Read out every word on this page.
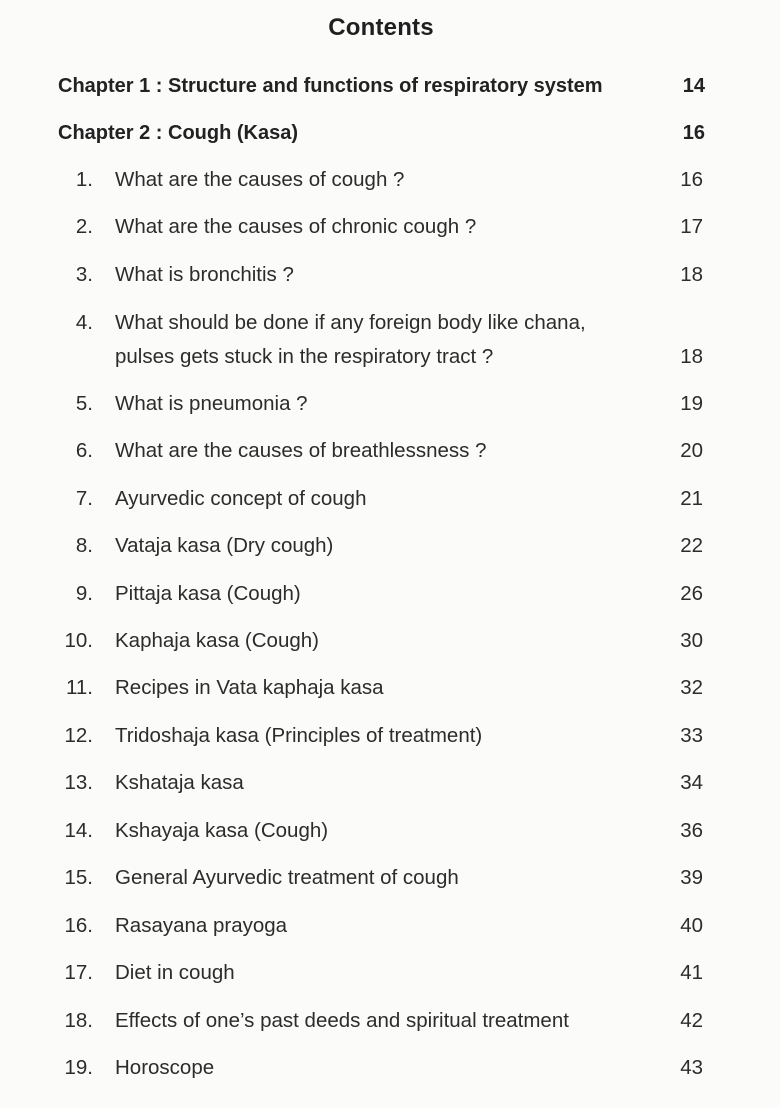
Contents
Chapter 1 : Structure and functions of respiratory system	14
Chapter 2 : Cough (Kasa)	16
1. What are the causes of cough ?	16
2. What are the causes of chronic cough ?	17
3. What is bronchitis ?	18
4. What should be done if any foreign body like chana,
pulses gets stuck in the respiratory tract ?	18
5. What is pneumonia ?	19
6. What are the causes of breathlessness ?	20
7. Ayurvedic concept of cough	21
8. Vataja kasa (Dry cough)	22
9. Pittaja kasa (Cough)	26
10. Kaphaja kasa (Cough)	30
11. Recipes in Vata kaphaja kasa	32
12. Tridoshaja kasa (Principles of treatment)	33
13. Kshataja kasa	34
14. Kshayaja kasa (Cough)	36
15. General Ayurvedic treatment of cough	39
16. Rasayana prayoga	40
17. Diet in cough	41
18. Effects of one’s past deeds and spiritual treatment	42
19. Horoscope	43
